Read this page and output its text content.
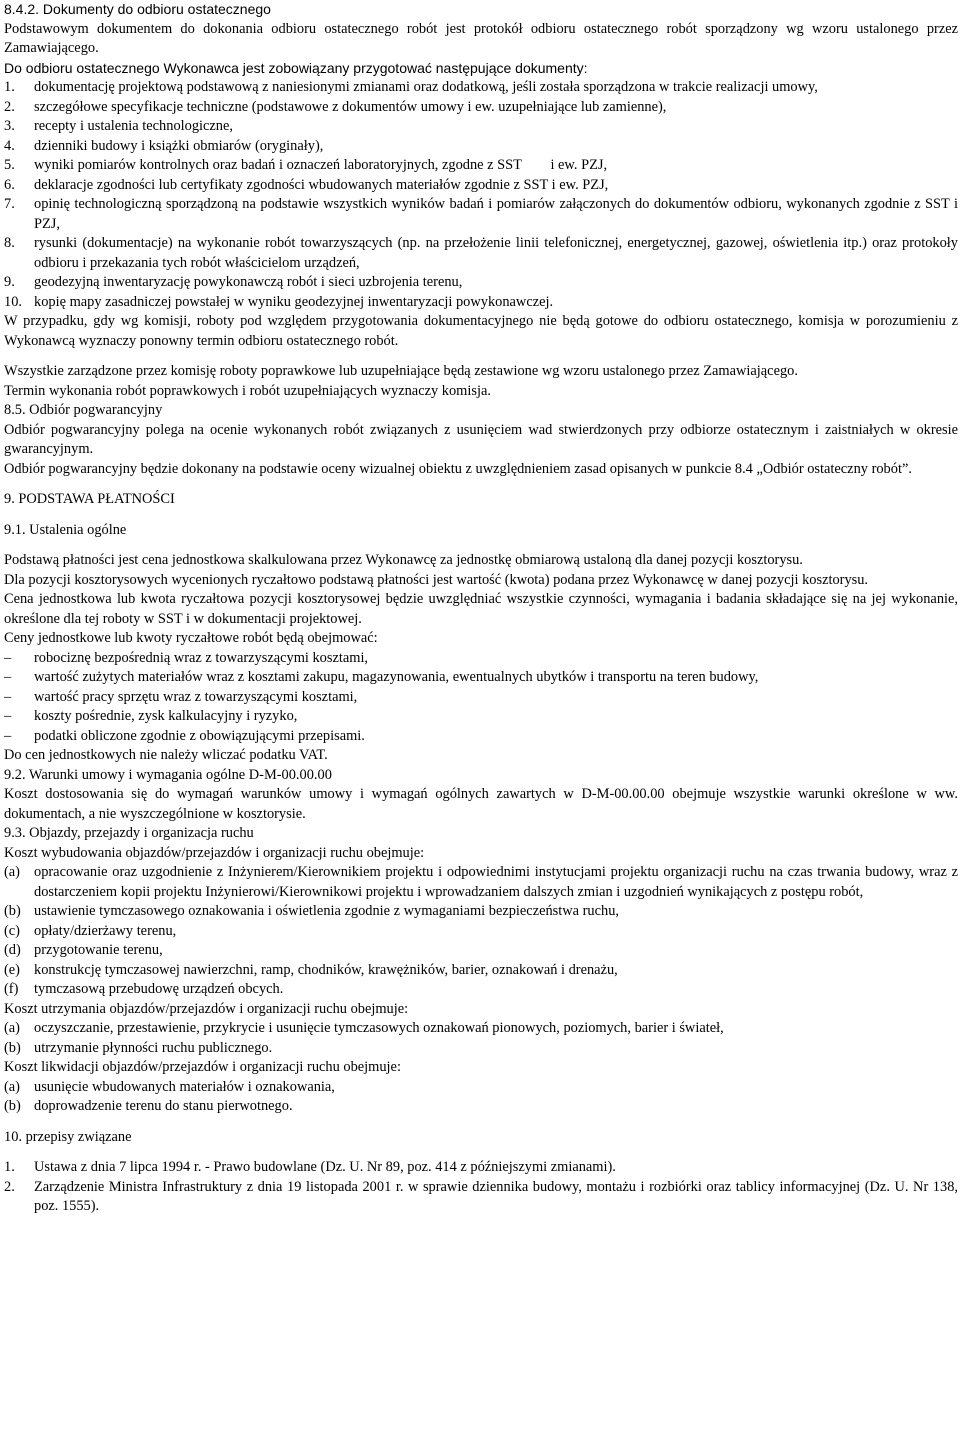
8.4.2. Dokumenty do odbioru ostatecznego

Podstawowym dokumentem do dokonania odbioru ostatecznego robót jest protokół odbioru ostatecznego robót sporządzony wg wzoru ustalonego przez Zamawiającego.

Do odbioru ostatecznego Wykonawca jest zobowiązany przygotować następujące dokumenty:

1.	dokumentację projektową podstawową z naniesionymi zmianami oraz dodatkową, jeśli została sporządzona w trakcie realizacji umowy,
2.	szczegółowe specyfikacje techniczne (podstawowe z dokumentów umowy i ew. uzupełniające lub zamienne),
3.	recepty i ustalenia technologiczne,
4.	dzienniki budowy i książki obmiarów (oryginały),
5.	wyniki pomiarów kontrolnych oraz badań i oznaczeń laboratoryjnych, zgodne z SST        i ew. PZJ,
6.	deklaracje zgodności lub certyfikaty zgodności wbudowanych materiałów zgodnie z SST i ew. PZJ,
7.	opinię technologiczną sporządzoną na podstawie wszystkich wyników badań i pomiarów załączonych do dokumentów odbioru, wykonanych zgodnie z SST i PZJ,
8.	rysunki (dokumentacje) na wykonanie robót towarzyszących (np. na przełożenie linii telefonicznej, energetycznej, gazowej, oświetlenia itp.) oraz protokoły odbioru i przekazania tych robót właścicielom urządzeń,
9.	geodezyjną inwentaryzację powykonawczą robót i sieci uzbrojenia terenu,
10. kopię mapy zasadniczej powstałej w wyniku geodezyjnej inwentaryzacji powykonawczej.

W przypadku, gdy wg komisji, roboty pod względem przygotowania dokumentacyjnego nie będą gotowe do odbioru ostatecznego, komisja w porozumieniu z Wykonawcą wyznaczy ponowny termin odbioru ostatecznego robót.

Wszystkie zarządzone przez komisję roboty poprawkowe lub uzupełniające będą zestawione wg wzoru ustalonego przez Zamawiającego.

Termin wykonania robót poprawkowych i robót uzupełniających wyznaczy komisja.

8.5. Odbiór pogwarancyjny

Odbiór pogwarancyjny polega na ocenie wykonanych robót związanych z usunięciem wad stwierdzonych przy odbiorze ostatecznym i zaistniałych w okresie gwarancyjnym.

Odbiór pogwarancyjny będzie dokonany na podstawie oceny wizualnej obiektu z uwzględnieniem zasad opisanych w punkcie 8.4 „Odbiór ostateczny robót”.

9. PODSTAWA PŁATNOŚCI

9.1. Ustalenia ogólne

Podstawą płatności jest cena jednostkowa skalkulowana przez Wykonawcę za jednostkę obmiarową ustaloną dla danej pozycji kosztorysu.

Dla pozycji kosztorysowych wycenionych ryczałtowo podstawą płatności jest wartość (kwota) podana przez Wykonawcę w danej pozycji kosztorysu.

Cena jednostkowa lub kwota ryczałtowa pozycji kosztorysowej będzie uwzględniać wszystkie czynności, wymagania i badania składające się na jej wykonanie, określone dla tej roboty w SST i w dokumentacji projektowej.

Ceny jednostkowe lub kwoty ryczałtowe robót będą obejmować:

–	robociznę bezpośrednią wraz z towarzyszącymi kosztami,
–	wartość zużytych materiałów wraz z kosztami zakupu, magazynowania, ewentualnych ubytków i transportu na teren budowy,
–	wartość pracy sprzętu wraz z towarzyszącymi kosztami,
–	koszty pośrednie, zysk kalkulacyjny i ryzyko,
–	podatki obliczone zgodnie z obowiązującymi przepisami.

Do cen jednostkowych nie należy wliczać podatku VAT.

9.2. Warunki umowy i wymagania ogólne D-M-00.00.00

Koszt dostosowania się do wymagań warunków umowy i wymagań ogólnych zawartych w D-M-00.00.00 obejmuje wszystkie warunki określone w ww. dokumentach, a nie wyszczególnione w kosztorysie.

9.3. Objazdy, przejazdy i organizacja ruchu

Koszt wybudowania objazdów/przejazdów i organizacji ruchu obejmuje:

(a) opracowanie oraz uzgodnienie z Inżynierem/Kierownikiem projektu i odpowiednimi instytucjami projektu organizacji ruchu na czas trwania budowy, wraz z dostarczeniem kopii projektu Inżynierowi/Kierownikowi projektu i wprowadzaniem dalszych zmian i uzgodnień wynikających z postępu robót,
(b) ustawienie tymczasowego oznakowania i oświetlenia zgodnie z wymaganiami bezpieczeństwa ruchu,
(c) opłaty/dzierżawy terenu,
(d) przygotowanie terenu,
(e) konstrukcję tymczasowej nawierzchni, ramp, chodników, krawężników, barier, oznakowań i drenażu,
(f)	tymczasową przebudowę urządzeń obcych.

Koszt utrzymania objazdów/przejazdów i organizacji ruchu obejmuje:

(a) oczyszczanie, przestawienie, przykrycie i usunięcie tymczasowych oznakowań pionowych, poziomych, barier i świateł,
(b) utrzymanie płynności ruchu publicznego.

Koszt likwidacji objazdów/przejazdów i organizacji ruchu obejmuje:

(a) usunięcie wbudowanych materiałów i oznakowania,
(b) doprowadzenie terenu do stanu pierwotnego.

10. przepisy związane

1.	Ustawa z dnia 7 lipca 1994 r. - Prawo budowlane (Dz. U. Nr 89, poz. 414 z późniejszymi zmianami).
2.	Zarządzenie Ministra Infrastruktury z dnia 19 listopada 2001 r. w sprawie dziennika budowy, montażu i rozbiórki oraz tablicy informacyjnej (Dz. U. Nr 138, poz. 1555).
